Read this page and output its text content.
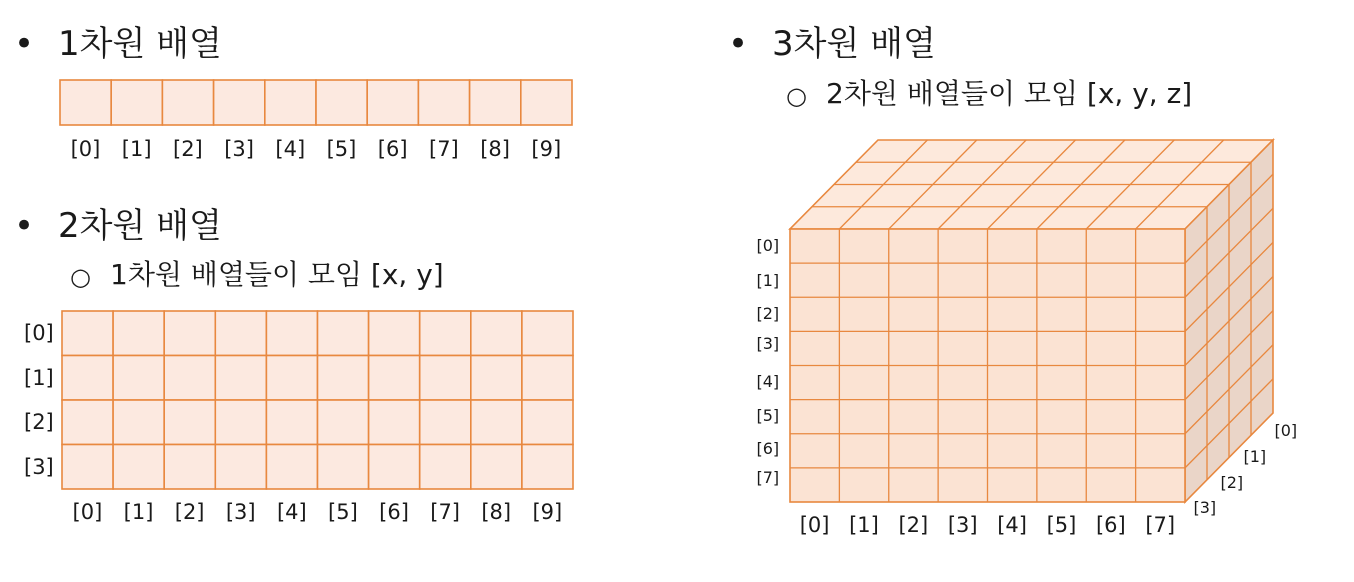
• 1차원 배열
• 2차원 배열
○ 1차원 배열들이 모임 [x, y]
• 3차원 배열
○ 2차원 배열들이 모임 [x, y, z]
[0] [1] [2] [3] [4] [5] [6] [7] [8] [9]
[0]
[1]
[2]
[3]
[0] [1] [2] [3] [4] [5] [6] [7] [8] [9]
[0]
[1]
[2]
[3]
[4]
[5]
[6]
[7]
[0] [1] [2] [3] [4] [5] [6] [7]
[0]
[1]
[2]
[3]
